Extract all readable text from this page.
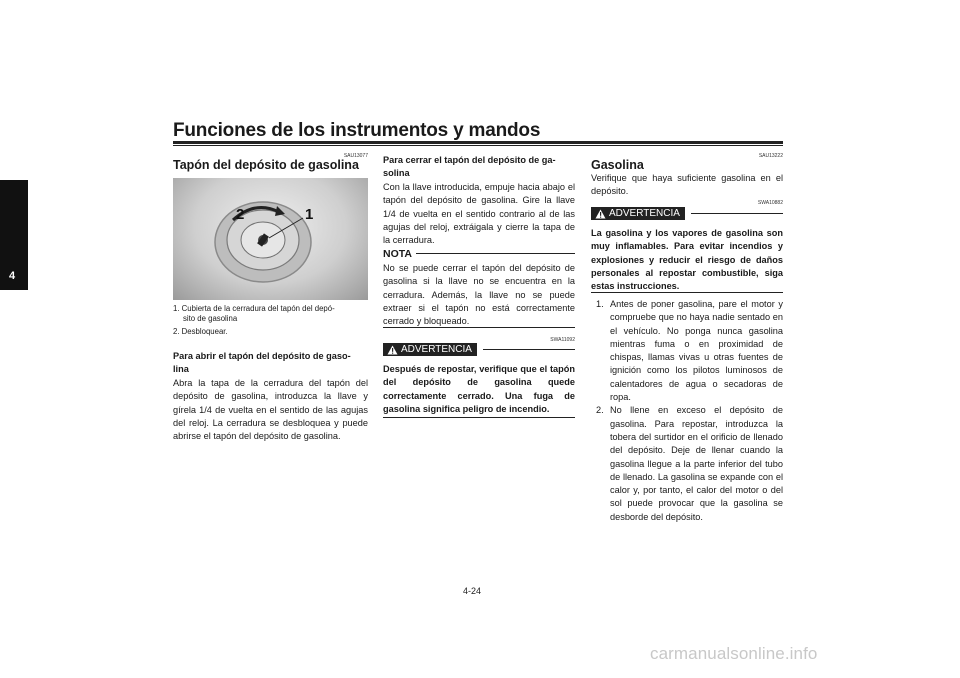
Funciones de los instrumentos y mandos
4
SAU13077
Tapón del depósito de gasolina
2	1
1. Cubierta de la cerradura del tapón del depó-
sito de gasolina
2. Desbloquear.
Para abrir el tapón del depósito de gaso-
lina
Abra la tapa de la cerradura del tapón del depósito de gasolina, introduzca la llave y gírela 1/4 de vuelta en el sentido de las agujas del reloj. La cerradura se desbloquea y puede abrirse el tapón del depósito de gasolina.
Para cerrar el tapón del depósito de ga-
solina
Con la llave introducida, empuje hacia abajo el tapón del depósito de gasolina. Gire la llave 1/4 de vuelta en el sentido contrario al de las agujas del reloj, extráigala y cierre la tapa de la cerradura.
NOTA
No se puede cerrar el tapón del depósito de gasolina si la llave no se encuentra en la cerradura. Además, la llave no se puede extraer si el tapón no está correctamente cerrado y bloqueado.
SWA11092
ADVERTENCIA
Después de repostar, verifique que el tapón del depósito de gasolina quede correctamente cerrado. Una fuga de gasolina significa peligro de incendio.
SAU13222
Gasolina
Verifique que haya suficiente gasolina en el depósito.
SWA10882
ADVERTENCIA
La gasolina y los vapores de gasolina son muy inflamables. Para evitar incendios y explosiones y reducir el riesgo de daños personales al repostar combustible, siga estas instrucciones.
1. Antes de poner gasolina, pare el motor y compruebe que no haya nadie sentado en el vehículo. No ponga nunca gasolina mientras fuma o en proximidad de chispas, llamas vivas u otras fuentes de ignición como los pilotos luminosos de calentadores de agua o secadoras de ropa.
2. No llene en exceso el depósito de gasolina. Para repostar, introduzca la tobera del surtidor en el orificio de llenado del depósito. Deje de llenar cuando la gasolina llegue a la parte inferior del tubo de llenado. La gasolina se expande con el calor y, por tanto, el calor del motor o del sol puede provocar que la gasolina se desborde del depósito.
4-24
carmanualsonline.info
